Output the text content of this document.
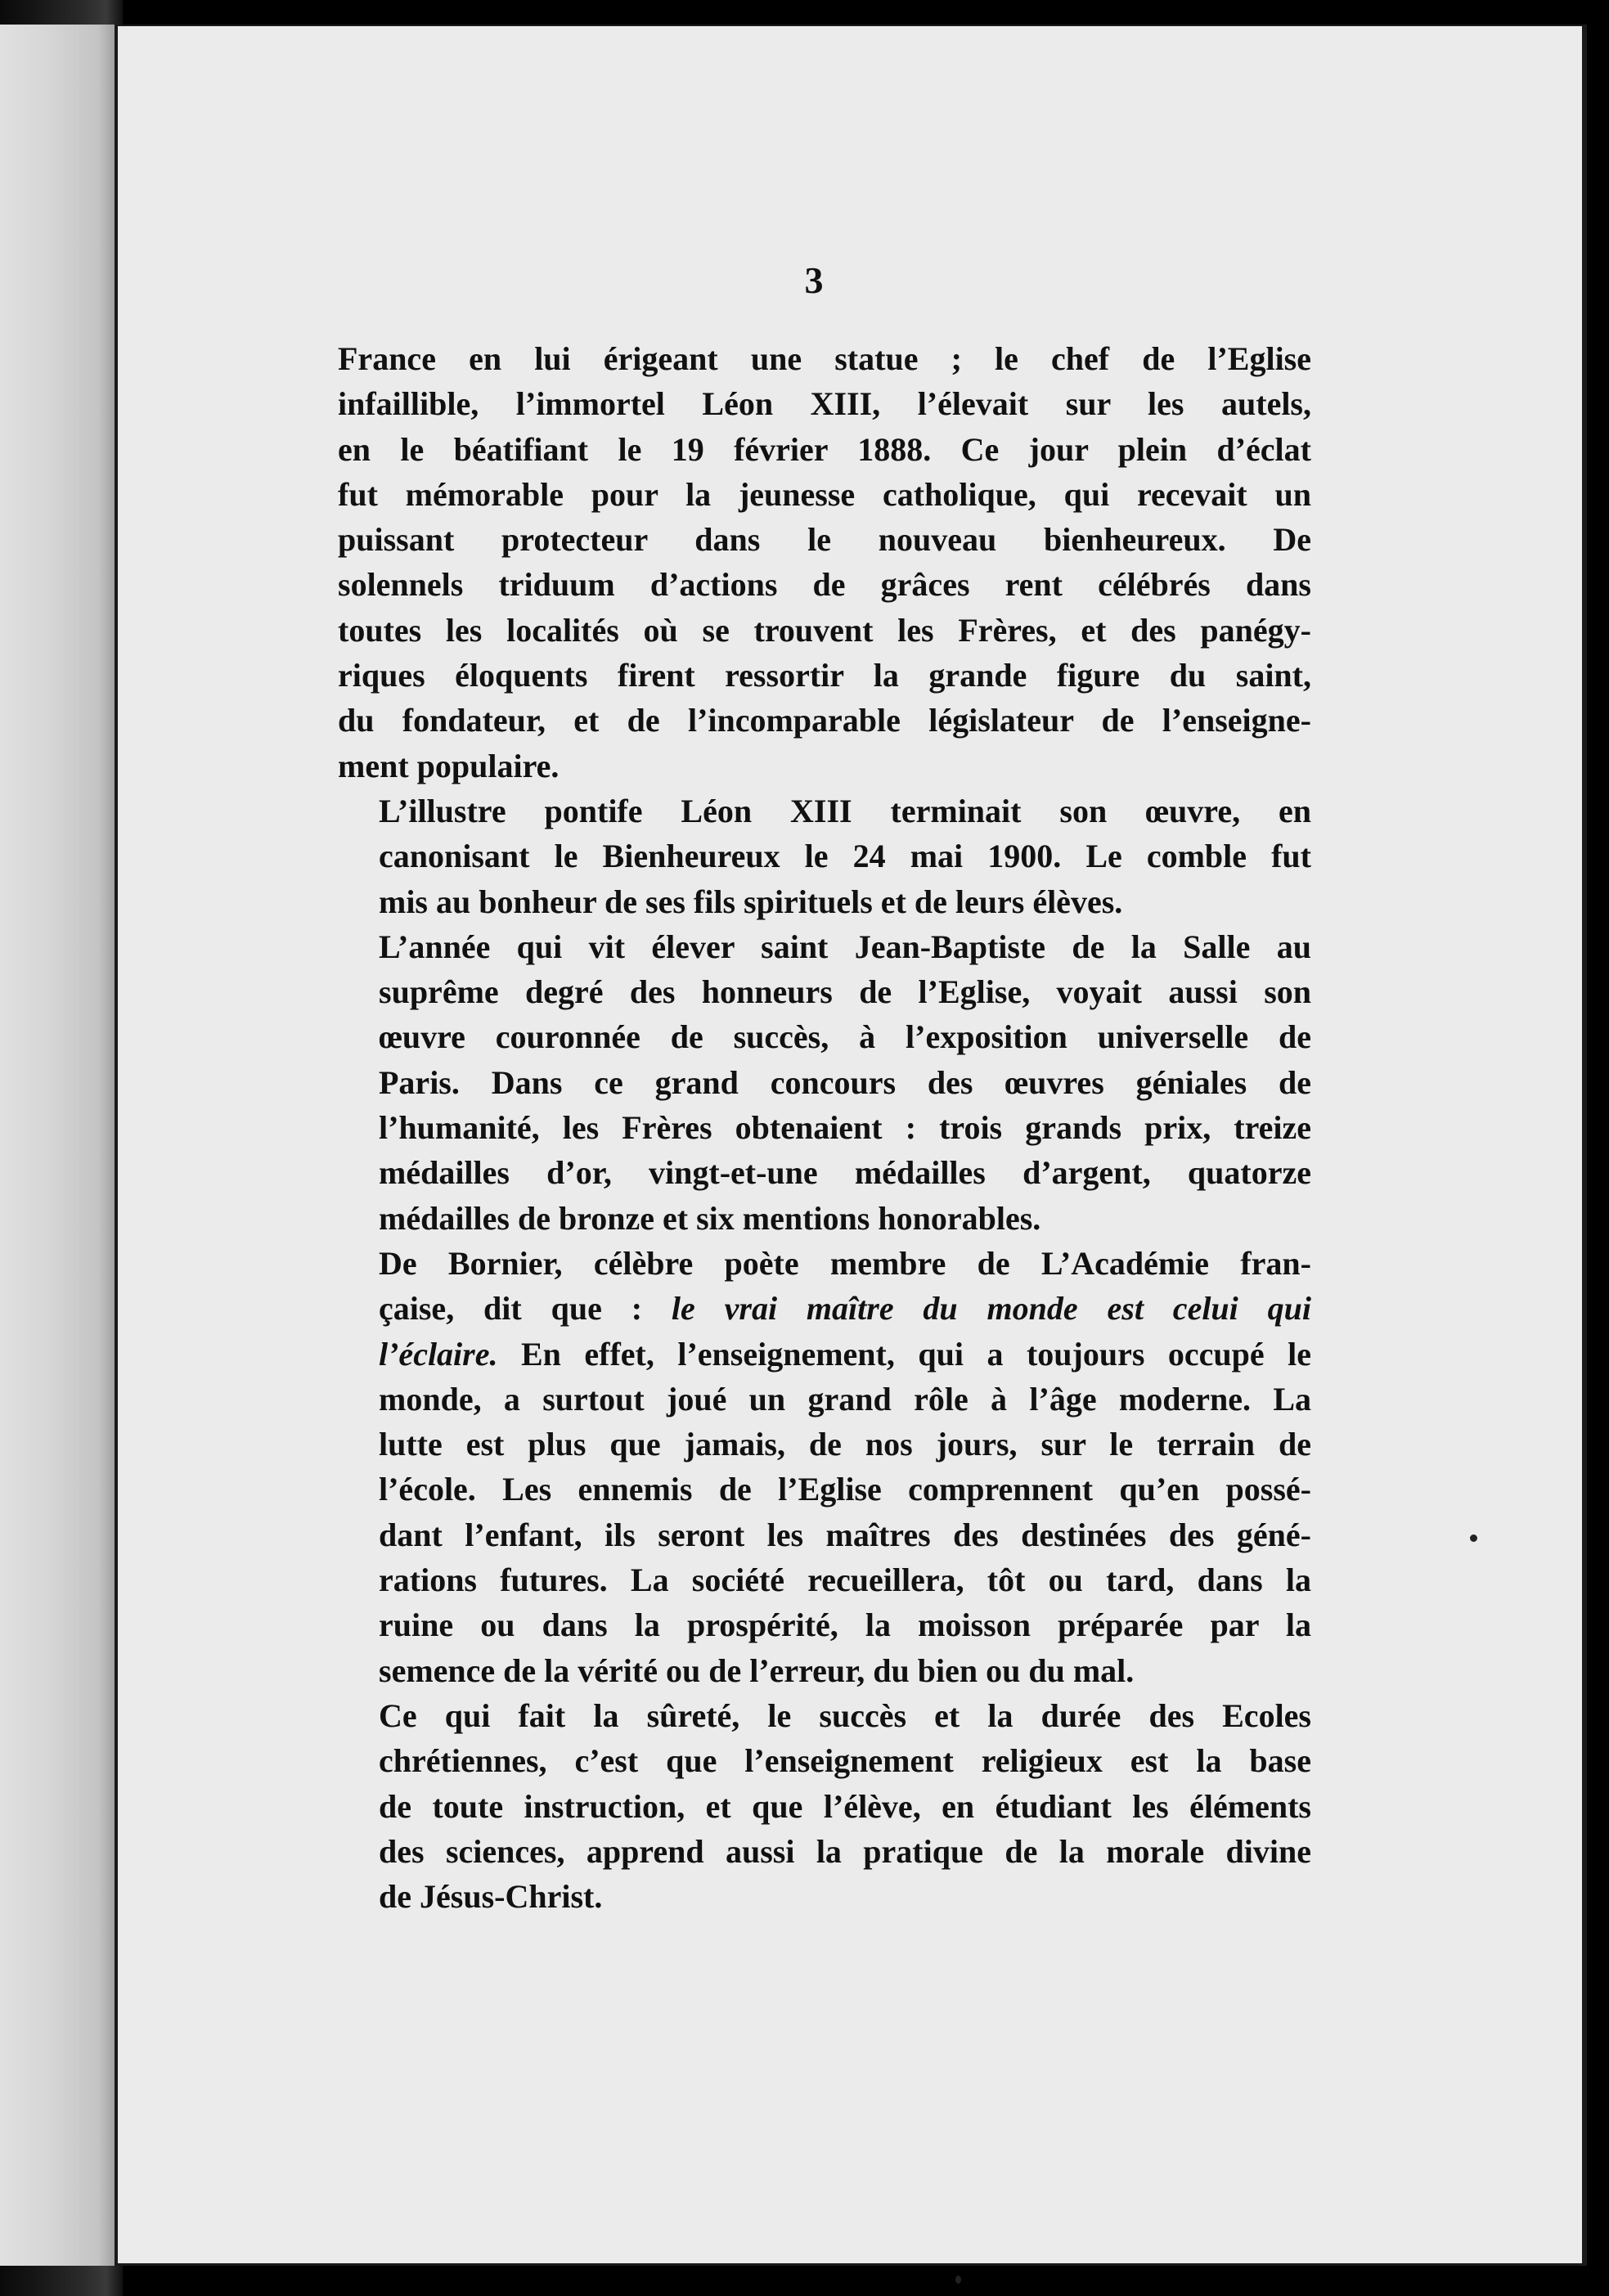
3
France en lui érigeant une statue ; le chef de l’Eglise
infaillible, l’immortel Léon XIII, l’élevait sur les autels,
en le béatifiant le 19 février 1888. Ce jour plein d’éclat
fut mémorable pour la jeunesse catholique, qui recevait un
puissant protecteur dans le nouveau bienheureux. De
solennels triduum d’actions de grâces rent célébrés dans
toutes les localités où se trouvent les Frères, et des panégy-
riques éloquents firent ressortir la grande figure du saint,
du fondateur, et de l’incomparable législateur de l’enseigne-
ment populaire.
L’illustre pontife Léon XIII terminait son œuvre, en
canonisant le Bienheureux le 24 mai 1900. Le comble fut
mis au bonheur de ses fils spirituels et de leurs élèves.
L’année qui vit élever saint Jean-Baptiste de la Salle au
suprême degré des honneurs de l’Eglise, voyait aussi son
œuvre couronnée de succès, à l’exposition universelle de
Paris. Dans ce grand concours des œuvres géniales de
l’humanité, les Frères obtenaient : trois grands prix, treize
médailles d’or, vingt-et-une médailles d’argent, quatorze
médailles de bronze et six mentions honorables.
De Bornier, célèbre poète membre de L’Académie fran-
çaise, dit que : le vrai maître du monde est celui qui
l’éclaire. En effet, l’enseignement, qui a toujours occupé le
monde, a surtout joué un grand rôle à l’âge moderne. La
lutte est plus que jamais, de nos jours, sur le terrain de
l’école. Les ennemis de l’Eglise comprennent qu’en possé-
dant l’enfant, ils seront les maîtres des destinées des géné-
rations futures. La société recueillera, tôt ou tard, dans la
ruine ou dans la prospérité, la moisson préparée par la
semence de la vérité ou de l’erreur, du bien ou du mal.
Ce qui fait la sûreté, le succès et la durée des Ecoles
chrétiennes, c’est que l’enseignement religieux est la base
de toute instruction, et que l’élève, en étudiant les éléments
des sciences, apprend aussi la pratique de la morale divine
de Jésus-Christ.
